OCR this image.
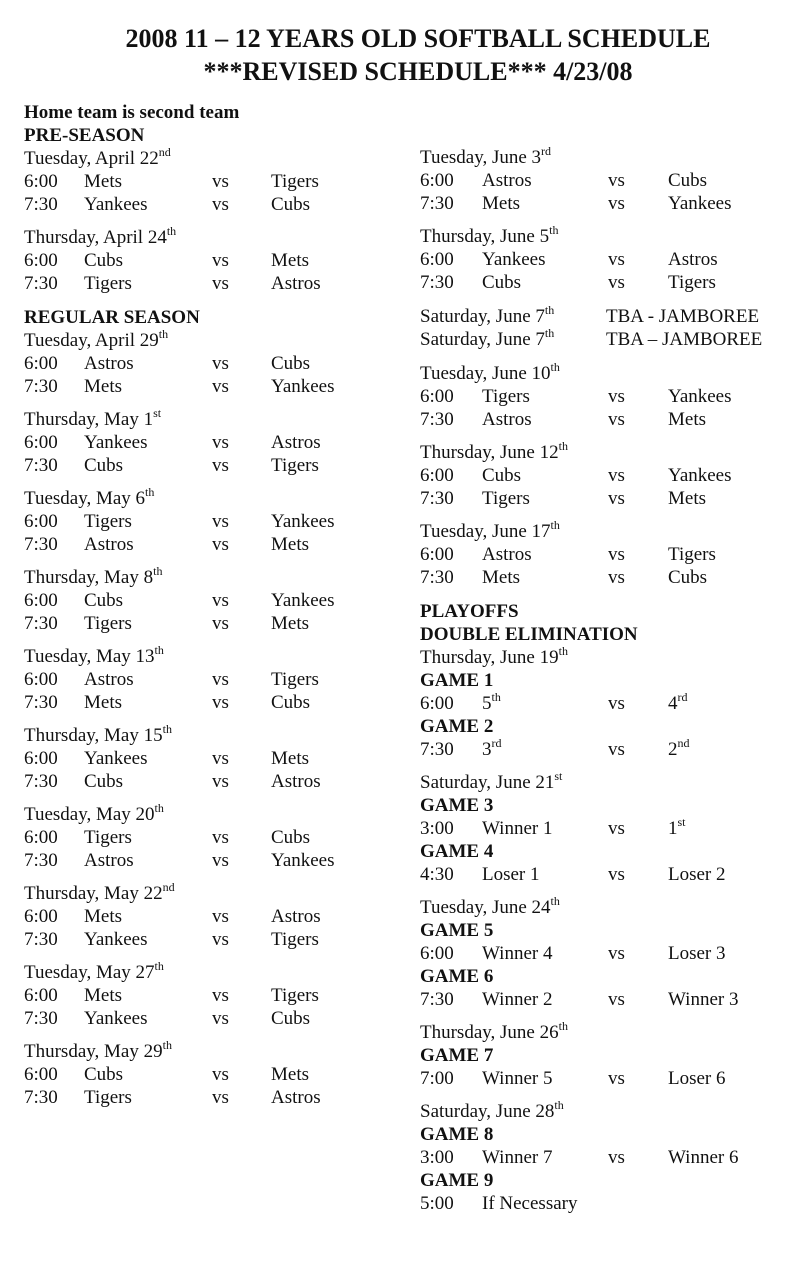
2008 11 – 12 YEARS OLD SOFTBALL SCHEDULE
***REVISED SCHEDULE*** 4/23/08
Home team is second team
PRE-SEASON
Tuesday, April 22nd
6:00 Mets	vs Tigers
7:30 Yankees	vs Cubs
Thursday, April 24th
6:00 Cubs	vs Mets
7:30 Tigers	vs Astros
REGULAR SEASON
Tuesday, April 29th
6:00 Astros	vs Cubs
7:30 Mets	vs Yankees
Thursday, May 1st
6:00 Yankees	vs Astros
7:30 Cubs	vs Tigers
Tuesday, May 6th
6:00 Tigers	vs Yankees
7:30 Astros	vs Mets
Thursday, May 8th
6:00 Cubs	vs Yankees
7:30 Tigers	vs Mets
Tuesday, May 13th
6:00 Astros	vs Tigers
7:30 Mets	vs Cubs
Thursday, May 15th
6:00 Yankees	vs Mets
7:30 Cubs	vs Astros
Tuesday, May 20th
6:00 Tigers	vs Cubs
7:30 Astros	vs Yankees
Thursday, May 22nd
6:00 Mets	vs Astros
7:30 Yankees	vs Tigers
Tuesday, May 27th
6:00 Mets	vs Tigers
7:30 Yankees	vs Cubs
Thursday, May 29th
6:00 Cubs	vs Mets
7:30 Tigers	vs Astros
Tuesday, June 3rd
6:00 Astros	vs Cubs
7:30 Mets	vs Yankees
Thursday, June 5th
6:00 Yankees	vs Astros
7:30 Cubs	vs Tigers
Saturday, June 7th	TBA - JAMBOREE
Saturday, June 7th	TBA – JAMBOREE
Tuesday, June 10th
6:00 Tigers	vs Yankees
7:30 Astros	vs Mets
Thursday, June 12th
6:00 Cubs	vs Yankees
7:30 Tigers	vs Mets
Tuesday, June 17th
6:00 Astros	vs Tigers
7:30 Mets	vs Cubs
PLAYOFFS
DOUBLE ELIMINATION
Thursday, June 19th
GAME 1
6:00 5th	vs 4rd
GAME 2
7:30 3rd	vs 2nd
Saturday, June 21st
GAME 3
3:00 Winner 1	vs 1st
GAME 4
4:30 Loser 1	vs Loser 2
Tuesday, June 24th
GAME 5
6:00 Winner 4	vs Loser 3
GAME 6
7:30 Winner 2	vs Winner 3
Thursday, June 26th
GAME 7
7:00 Winner 5	vs Loser 6
Saturday, June 28th
GAME 8
3:00 Winner 7	vs Winner 6
GAME 9
5:00 If Necessary
